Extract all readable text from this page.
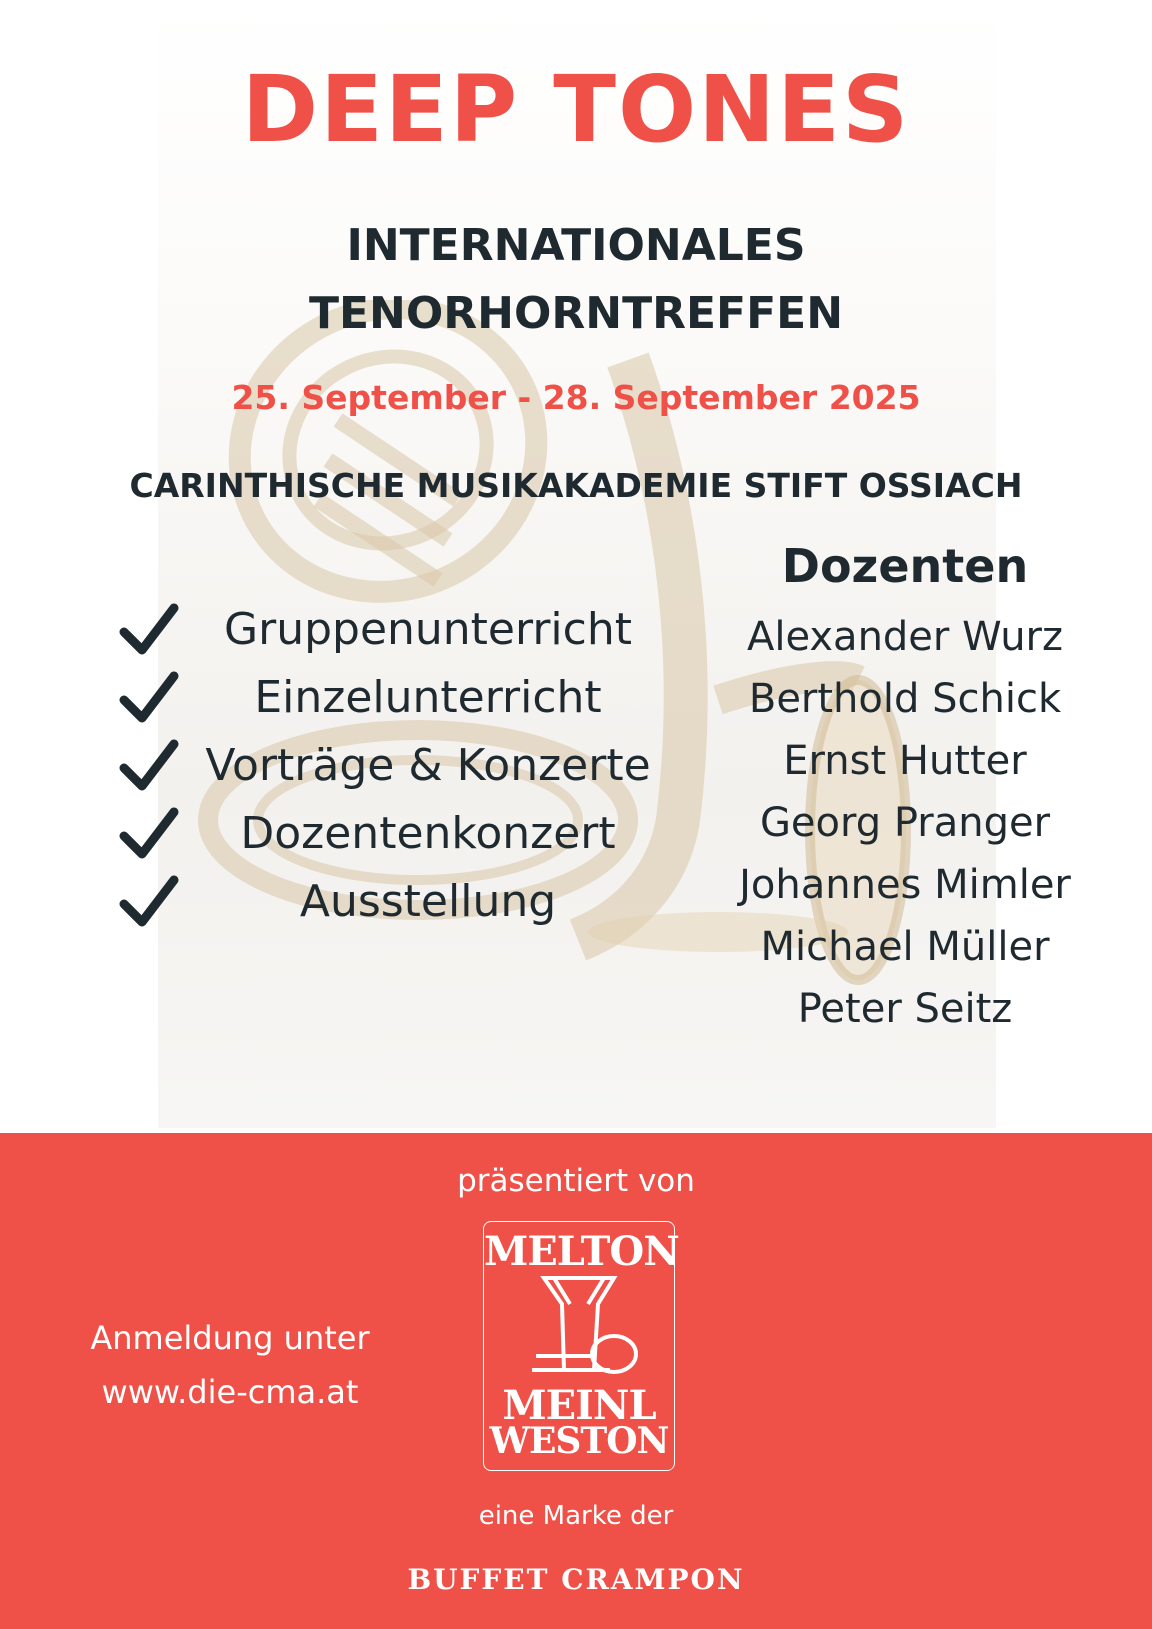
DEEP TONES
INTERNATIONALES
TENORHORNTREFFEN
25. September - 28. September 2025
CARINTHISCHE MUSIKAKADEMIE STIFT OSSIACH
Gruppenunterricht
Einzelunterricht
Vorträge & Konzerte
Dozentenkonzert
Ausstellung
Dozenten
Alexander Wurz
Berthold Schick
Ernst Hutter
Georg Pranger
Johannes Mimler
Michael Müller
Peter Seitz
präsentiert von
MELTON
MEINL
WESTON
Anmeldung unter
www.die-cma.at
eine Marke der
BUFFET CRAMPON
